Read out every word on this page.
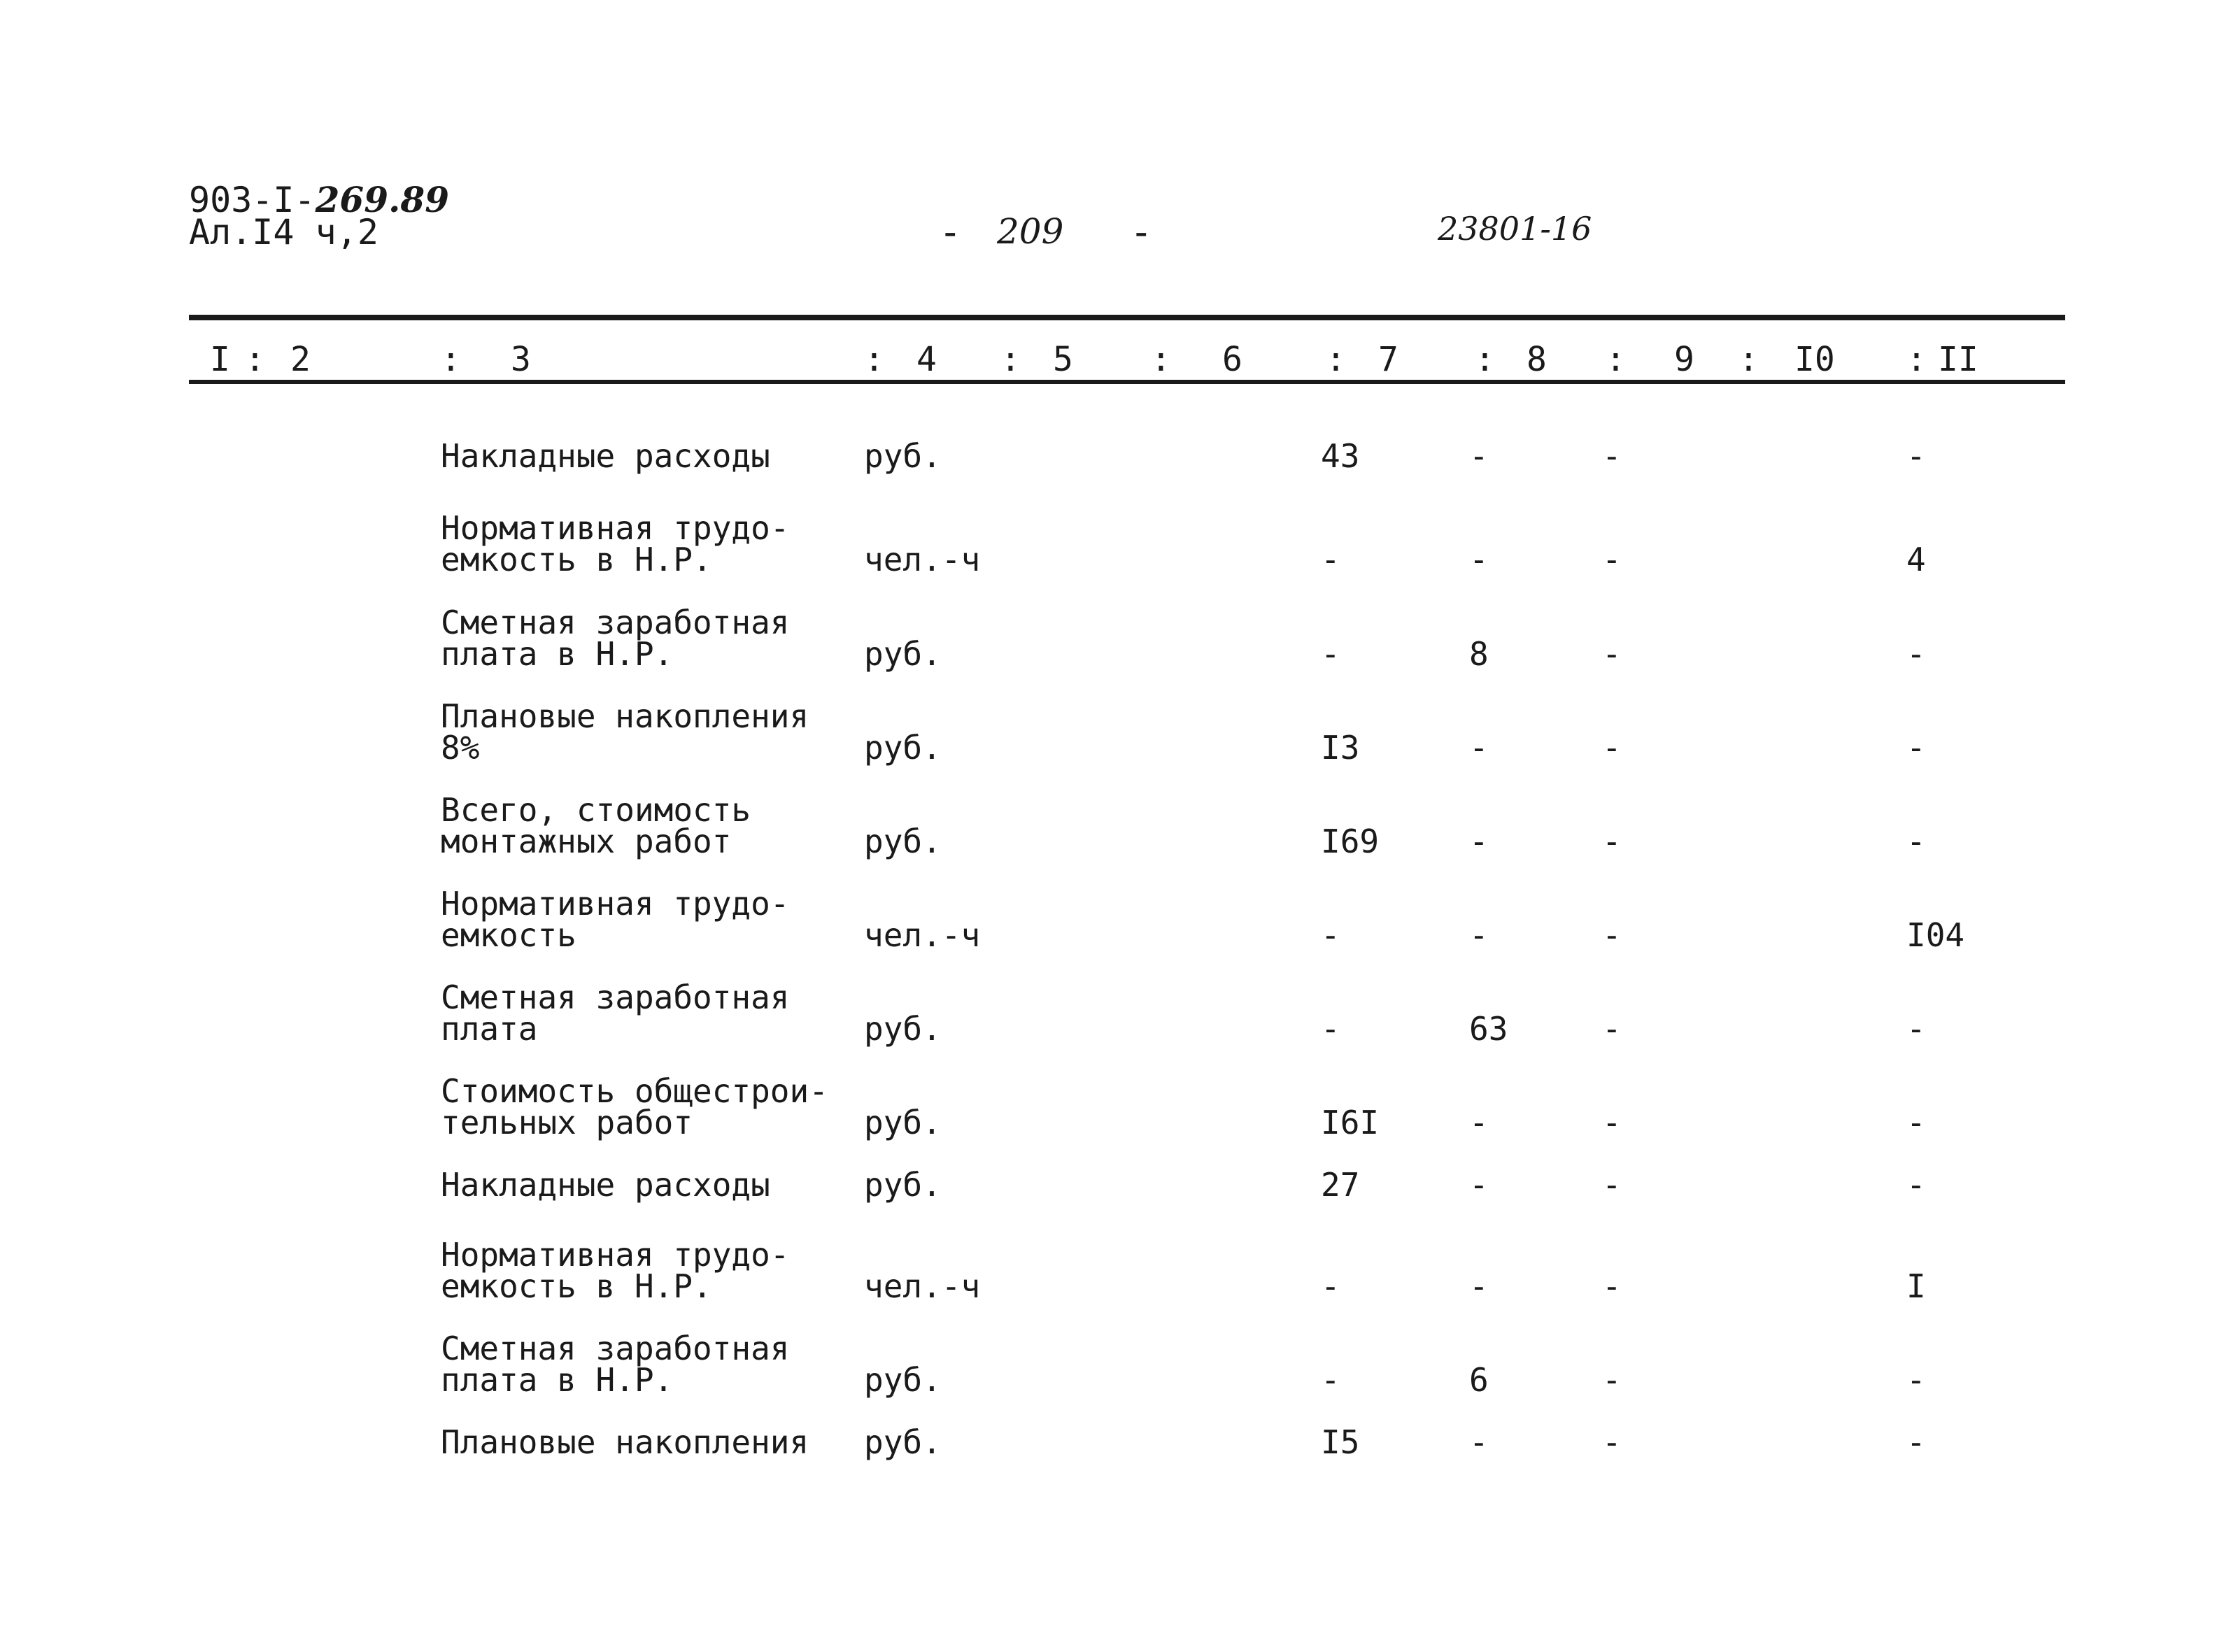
903-I-269.89
Ал.I4 ч,2	- 209 -	23801-16
I : 2	: 3	: 4 : 5 : 6 : 7 : 8 : 9 : I0 : II
Накладные расходы	руб.	43	-	-	-
Нормативная трудо-
емкость в Н.Р.	чел.-ч	-	-	-	4
Сметная заработная
плата в Н.Р.	руб.	-	8	-	-
Плановые накопления
8%	руб.	I3	-	-	-
Всего, стоимость
монтажных работ	руб.	I69	-	-	-
Нормативная трудо-
емкость	чел.-ч	-	-	-	I04
Сметная заработная
плата	руб.	-	63	-	-
Стоимость общестрои-
тельных работ	руб.	I6I	-	-	-
Накладные расходы	руб.	27	-	-	-
Нормативная трудо-
емкость в Н.Р.	чел.-ч	-	-	-	I
Сметная заработная
плата в Н.Р.	руб.	-	6	-	-
Плановые накопления руб.	I5	-	-	-
